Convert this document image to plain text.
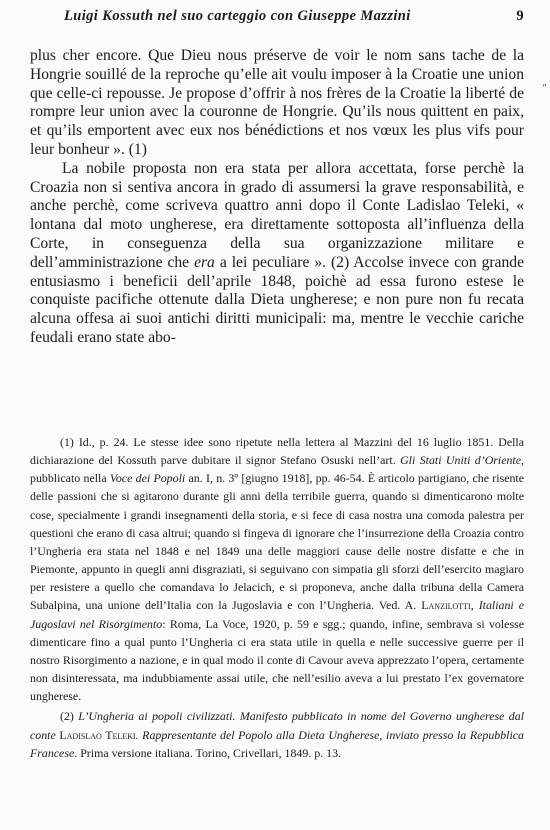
Luigi Kossuth nel suo carteggio con Giuseppe Mazzini	9
ʺ

plus cher encore. Que Dieu nous préserve de voir le nom sans tache de la Hongrie souillé de la reproche qu’elle ait voulu imposer à la Croatie une union que celle-ci repousse. Je propose d’offrir à nos frères de la Croatie la liberté de rompre leur union avec la couronne de Hongrie. Qu’ils nous quittent en paix, et qu’ils emportent avec eux nos bénédictions et nos vœux les plus vifs pour leur bonheur ». (1)

La nobile proposta non era stata per allora accettata, forse perchè la Croazia non si sentiva ancora in grado di assumersi la grave responsabilità, e anche perchè, come scriveva quattro anni dopo il Conte Ladislao Teleki, « lontana dal moto ungherese, era direttamente sottoposta all’influenza della Corte, in conseguenza della sua organizzazione militare e dell’amministrazione che era a lei peculiare ». (2) Accolse invece con grande entusiasmo i beneficii dell’aprile 1848, poichè ad essa furono estese le conquiste pacifiche ottenute dalla Dieta ungherese; e non pure non fu recata alcuna offesa ai suoi antichi diritti municipali: ma, mentre le vecchie cariche feudali erano state abo-

(1) Id., p. 24. Le stesse idee sono ripetute nella lettera al Mazzini del 16 luglio 1851. Della dichiarazione del Kossuth parve dubitare il signor Stefano Osuski nell’art. Gli Stati Uniti d’Oriente, pubblicato nella Voce dei Popoli an. I, n. 3º [giugno 1918], pp. 46-54. È articolo partigiano, che risente delle passioni che si agitarono durante gli anni della terribile guerra, quando si dimenticarono molte cose, specialmente i grandi insegnamenti della storia, e si fece di casa nostra una comoda palestra per questioni che erano di casa altrui; quando si fingeva di ignorare che l’insurrezione della Croazia contro l’Ungheria era stata nel 1848 e nel 1849 una delle maggiori cause delle nostre disfatte e che in Piemonte, appunto in quegli anni disgraziati, si seguivano con simpatia gli sforzi dell’esercito magiaro per resistere a quello che comandava lo Jelacich, e si proponeva, anche dalla tribuna della Camera Subalpina, una unione dell’Italia con la Jugoslavia e con l’Ungheria. Ved. A. Lanzilotti, Italiani e Jugoslavi nel Risorgimento: Roma, La Voce, 1920, p. 59 e sgg.; quando, infine, sembrava si volesse dimenticare fino a qual punto l’Ungheria ci era stata utile in quella e nelle successive guerre per il nostro Risorgimento a nazione, e in qual modo il conte di Cavour aveva apprezzato l’opera, certamente non disinteressata, ma indubbiamente assai utile, che nell’esilio aveva a lui prestato l’ex governatore ungherese.

(2) L’Ungheria ai popoli civilizzati. Manifesto pubblicato in nome del Governo ungherese dal conte Ladislao Teleki. Rappresentante del Popolo alla Dieta Ungherese, inviato presso la Repubblica Francese. Prima versione italiana. Torino, Crivellari, 1849. p. 13.
